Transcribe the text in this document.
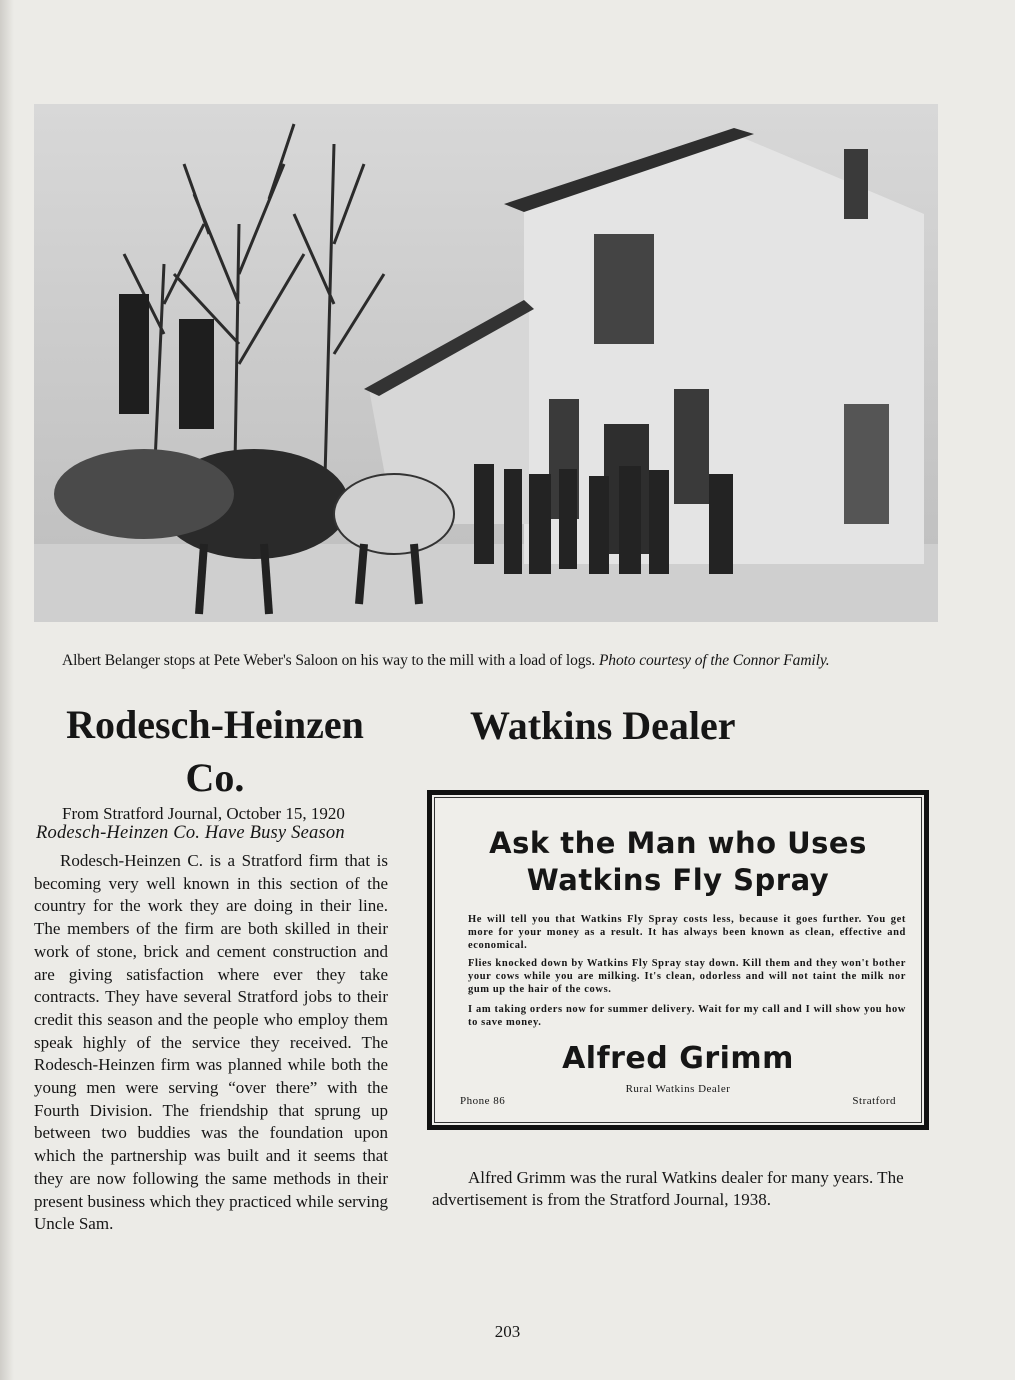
Albert Belanger stops at Pete Weber's Saloon on his way to the mill with a load of logs. Photo courtesy of the Connor Family.
Rodesch-Heinzen Co.
From Stratford Journal, October 15, 1920
Rodesch-Heinzen Co. Have Busy Season

Rodesch-Heinzen C. is a Stratford firm that is becoming very well known in this section of the country for the work they are doing in their line. The members of the firm are both skilled in their work of stone, brick and cement construction and are giving satisfaction where ever they take contracts. They have several Stratford jobs to their credit this season and the people who employ them speak highly of the service they received. The Rodesch-Heinzen firm was planned while both the young men were serving “over there” with the Fourth Division. The friendship that sprung up between two buddies was the foundation upon which the partnership was built and it seems that they are now following the same methods in their present business which they practiced while serving Uncle Sam.

Watkins Dealer
Ask the Man who Uses
Watkins Fly Spray

He will tell you that Watkins Fly Spray costs less, because it goes further. You get more for your money as a result. It has always been known as clean, effective and economical.

Flies knocked down by Watkins Fly Spray stay down. Kill them and they won't bother your cows while you are milking. It's clean, odorless and will not taint the milk nor gum up the hair of the cows.

I am taking orders now for summer delivery. Wait for my call and I will show you how to save money.

Alfred Grimm
Rural Watkins Dealer
Phone 86	Stratford

Alfred Grimm was the rural Watkins dealer for many years. The advertisement is from the Stratford Journal, 1938.

203
